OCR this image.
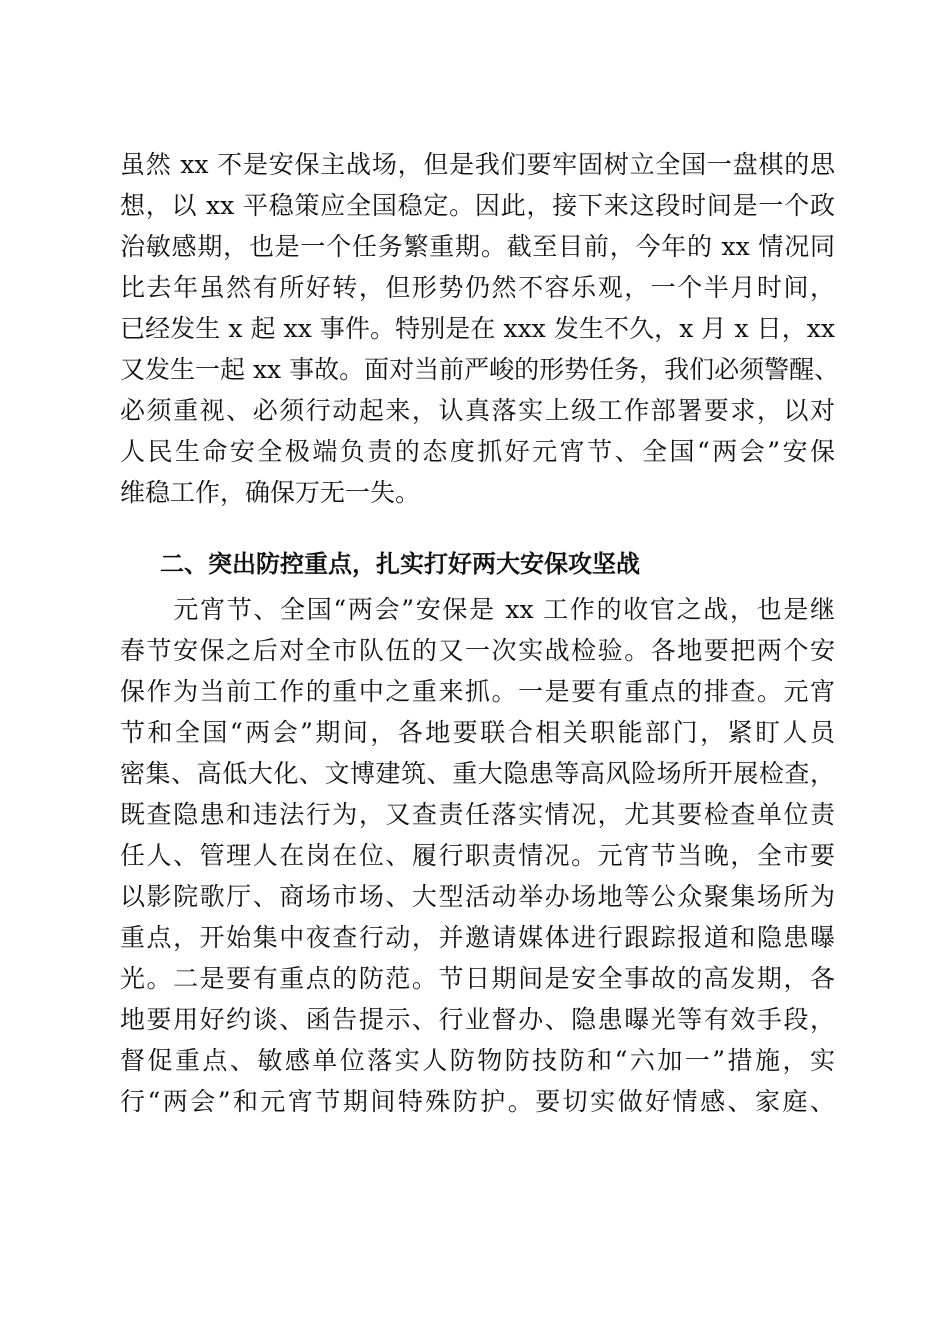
虽然 xx 不是安保主战场，但是我们要牢固树立全国一盘棋的思
想，以 xx 平稳策应全国稳定。因此，接下来这段时间是一个政
治敏感期，也是一个任务繁重期。截至目前，今年的 xx 情况同
比去年虽然有所好转，但形势仍然不容乐观，一个半月时间，
已经发生 x 起 xx 事件。特别是在 xxx 发生不久，x 月 x 日，xx
又发生一起 xx 事故。面对当前严峻的形势任务，我们必须警醒、
必须重视、必须行动起来，认真落实上级工作部署要求，以对
人民生命安全极端负责的态度抓好元宵节、全国“两会”安保
维稳工作，确保万无一失。
二、突出防控重点，扎实打好两大安保攻坚战
　　元宵节、全国“两会”安保是 xx 工作的收官之战，也是继
春节安保之后对全市队伍的又一次实战检验。各地要把两个安
保作为当前工作的重中之重来抓。一是要有重点的排查。元宵
节和全国“两会”期间，各地要联合相关职能部门，紧盯人员
密集、高低大化、文博建筑、重大隐患等高风险场所开展检查，
既查隐患和违法行为，又查责任落实情况，尤其要检查单位责
任人、管理人在岗在位、履行职责情况。元宵节当晚，全市要
以影院歌厅、商场市场、大型活动举办场地等公众聚集场所为
重点，开始集中夜查行动，并邀请媒体进行跟踪报道和隐患曝
光。二是要有重点的防范。节日期间是安全事故的高发期，各
地要用好约谈、函告提示、行业督办、隐患曝光等有效手段，
督促重点、敏感单位落实人防物防技防和“六加一”措施，实
行“两会”和元宵节期间特殊防护。要切实做好情感、家庭、
